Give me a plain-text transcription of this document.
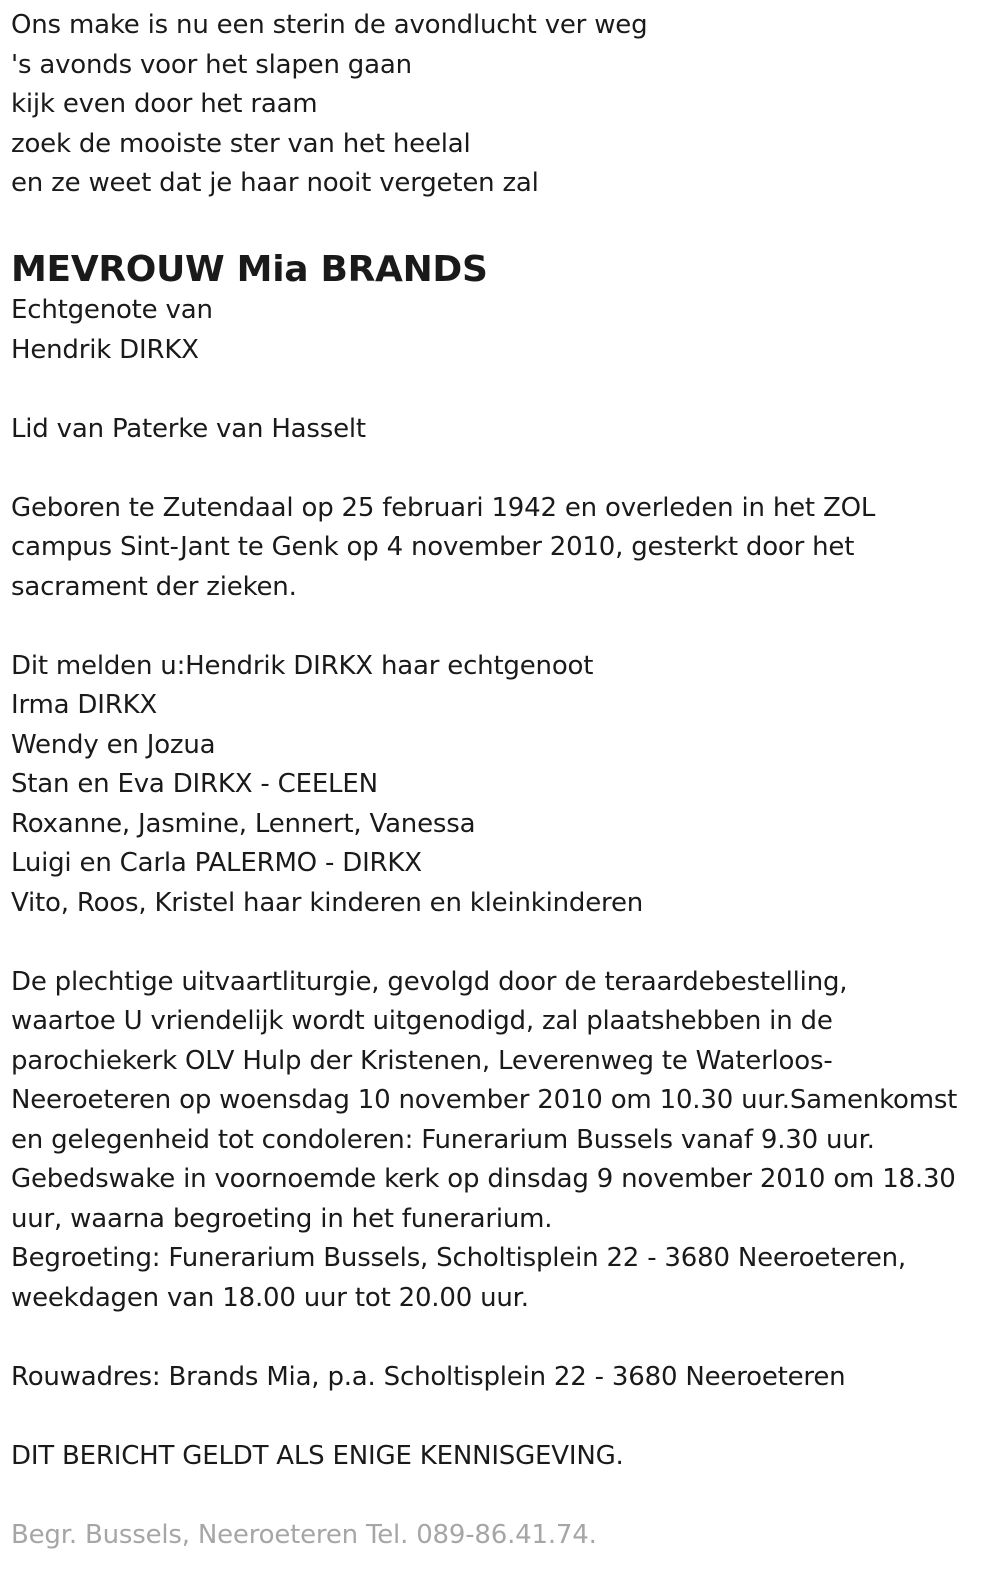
Ons make is nu een sterin de avondlucht ver weg
's avonds voor het slapen gaan
kijk even door het raam
zoek de mooiste ster van het heelal
en ze weet dat je haar nooit vergeten zal
MEVROUW Mia BRANDS
Echtgenote van
Hendrik DIRKX
Lid van Paterke van Hasselt
Geboren te Zutendaal op 25 februari 1942 en overleden in het ZOL campus Sint-Jant te Genk op 4 november 2010, gesterkt door het sacrament der zieken.
Dit melden u:Hendrik DIRKX haar echtgenoot
Irma DIRKX
Wendy en Jozua
Stan en Eva DIRKX - CEELEN
Roxanne, Jasmine, Lennert, Vanessa
Luigi en Carla PALERMO - DIRKX
Vito, Roos, Kristel haar kinderen en kleinkinderen
De plechtige uitvaartliturgie, gevolgd door de teraardebestelling,
waartoe U vriendelijk wordt uitgenodigd, zal plaatshebben in de
parochiekerk OLV Hulp der Kristenen, Leverenweg te Waterloos-
Neeroeteren op woensdag 10 november 2010 om 10.30 uur.Samenkomst
en gelegenheid tot condoleren: Funerarium Bussels vanaf 9.30 uur.
Gebedswake in voornoemde kerk op dinsdag 9 november 2010 om 18.30
uur, waarna begroeting in het funerarium.
Begroeting: Funerarium Bussels, Scholtisplein 22 - 3680 Neeroeteren,
weekdagen van 18.00 uur tot 20.00 uur.
Rouwadres: Brands Mia, p.a. Scholtisplein 22 - 3680 Neeroeteren
DIT BERICHT GELDT ALS ENIGE KENNISGEVING.
Begr. Bussels, Neeroeteren Tel. 089-86.41.74.
